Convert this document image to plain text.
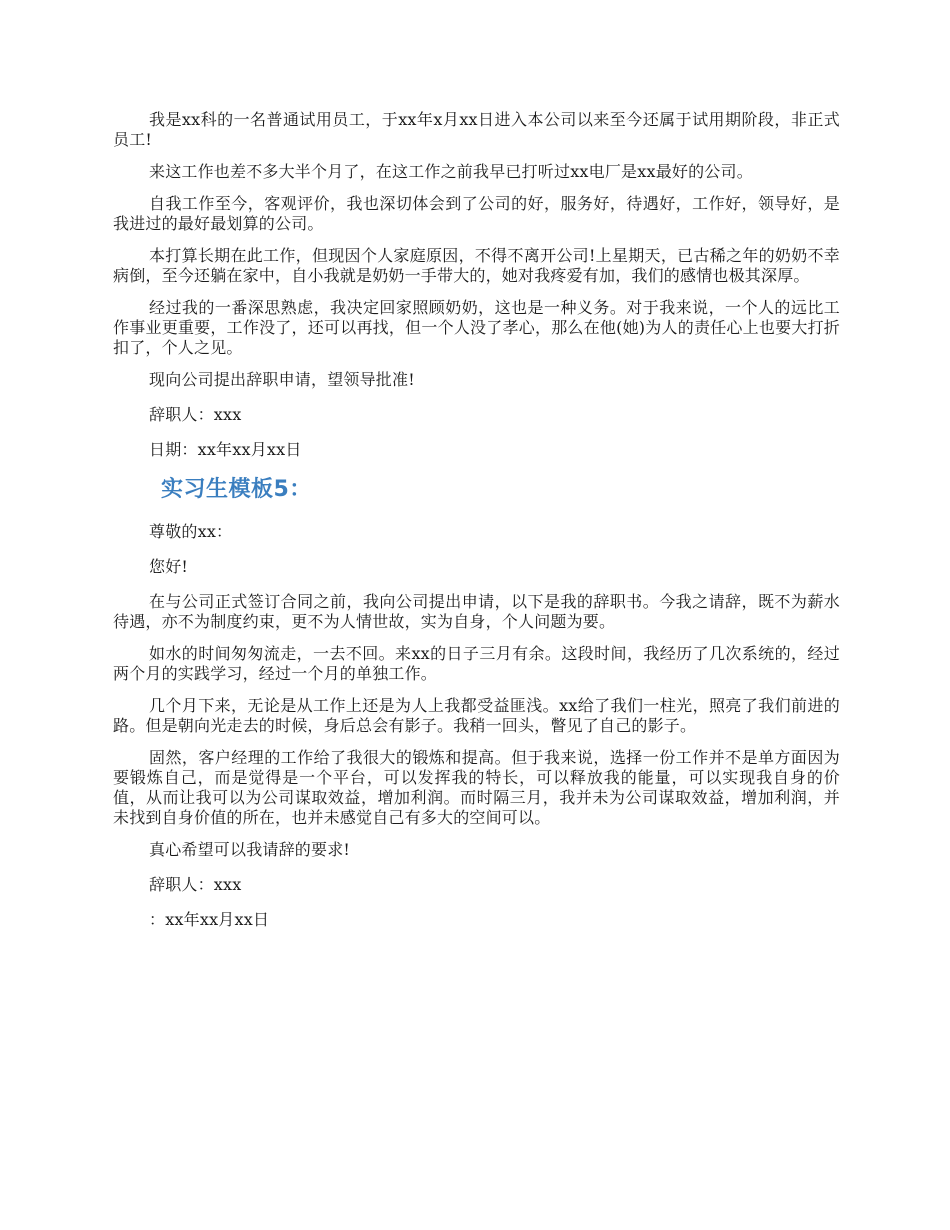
我是xx科的一名普通试用员工，于xx年x月xx日进入本公司以来至今还属于试用期阶段，非正式员工!

来这工作也差不多大半个月了，在这工作之前我早已打听过xx电厂是xx最好的公司。

自我工作至今，客观评价，我也深切体会到了公司的好，服务好，待遇好，工作好，领导好，是我进过的最好最划算的公司。

本打算长期在此工作，但现因个人家庭原因，不得不离开公司!上星期天，已古稀之年的奶奶不幸病倒，至今还躺在家中，自小我就是奶奶一手带大的，她对我疼爱有加，我们的感情也极其深厚。

经过我的一番深思熟虑，我决定回家照顾奶奶，这也是一种义务。对于我来说，一个人的远比工作事业更重要，工作没了，还可以再找，但一个人没了孝心，那么在他(她)为人的责任心上也要大打折扣了，个人之见。

现向公司提出辞职申请，望领导批准!

辞职人：xxx

日期：xx年xx月xx日

实习生模板5：

尊敬的xx：

您好!

在与公司正式签订合同之前，我向公司提出申请，以下是我的辞职书。今我之请辞，既不为薪水待遇，亦不为制度约束，更不为人情世故，实为自身，个人问题为要。

如水的时间匆匆流走，一去不回。来xx的日子三月有余。这段时间，我经历了几次系统的，经过两个月的实践学习，经过一个月的单独工作。

几个月下来，无论是从工作上还是为人上我都受益匪浅。xx给了我们一柱光，照亮了我们前进的路。但是朝向光走去的时候，身后总会有影子。我稍一回头，瞥见了自己的影子。

固然，客户经理的工作给了我很大的锻炼和提高。但于我来说，选择一份工作并不是单方面因为要锻炼自己，而是觉得是一个平台，可以发挥我的特长，可以释放我的能量，可以实现我自身的价值，从而让我可以为公司谋取效益，增加利润。而时隔三月，我并未为公司谋取效益，增加利润，并未找到自身价值的所在，也并未感觉自己有多大的空间可以。

真心希望可以我请辞的要求!

辞职人：xxx

：xx年xx月xx日
